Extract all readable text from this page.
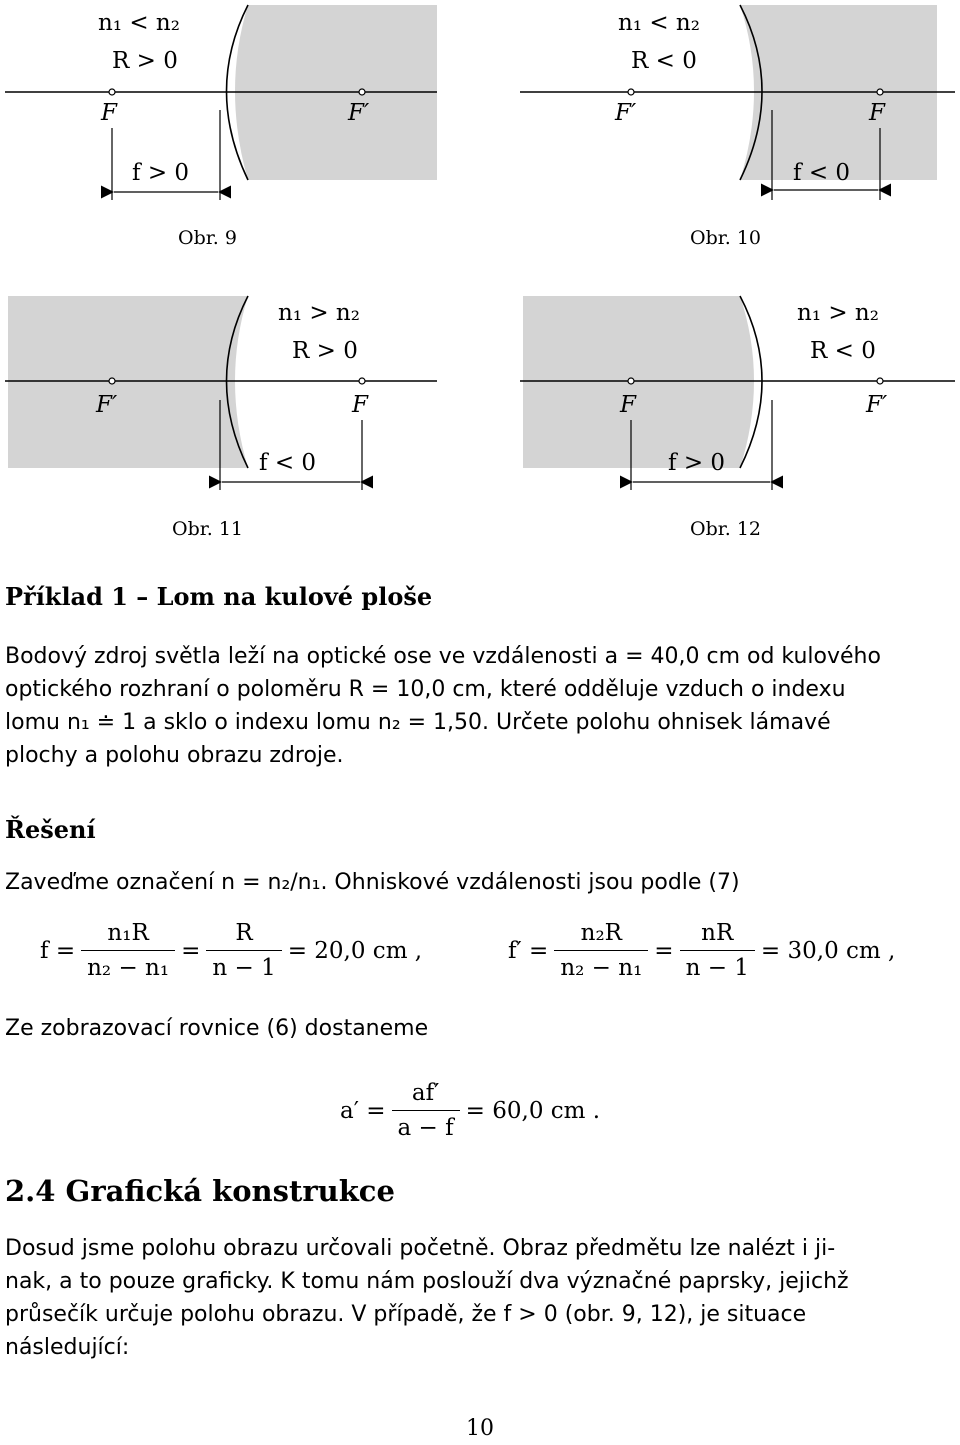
n₁ < n₂
R > 0
F	F′
f > 0
Obr. 9
n₁ < n₂
R < 0
F′	F
f < 0
Obr. 10
n₁ > n₂
R > 0
F′	F
f < 0
Obr. 11
n₁ > n₂
R < 0
F	F′
f > 0
Obr. 12
Příklad 1 – Lom na kulové ploše
Bodový zdroj světla leží na optické ose ve vzdálenosti a = 40,0 cm od kulového
optického rozhraní o poloměru R = 10,0 cm, které odděluje vzduch o indexu
lomu n₁ ≐ 1 a sklo o indexu lomu n₂ = 1,50. Určete polohu ohnisek lámavé
plochy a polohu obrazu zdroje.
Řešení
Zaveďme označení n = n₂/n₁. Ohniskové vzdálenosti jsou podle (7)
$f = \frac{\text{n₁R}}{\text{n₂ − n₁}} = \frac{R}{n - 1} = 20,0$ cm ,	$f' = \frac{\text{n₂R}}{\text{n₂ − n₁}} = \frac{nR}{n - 1} = 30,0$ cm ,
Ze zobrazovací rovnice (6) dostaneme
$a' = \frac{af'}{a - f} = 60,0$ cm .
2.4 Grafická konstrukce
Dosud jsme polohu obrazu určovali početně. Obraz předmětu lze nalézt i ji-
nak, a to pouze graficky. K tomu nám poslouží dva význačné paprsky, jejichž
průsečík určuje polohu obrazu. V případě, že f > 0 (obr. 9, 12), je situace
následující:
10
